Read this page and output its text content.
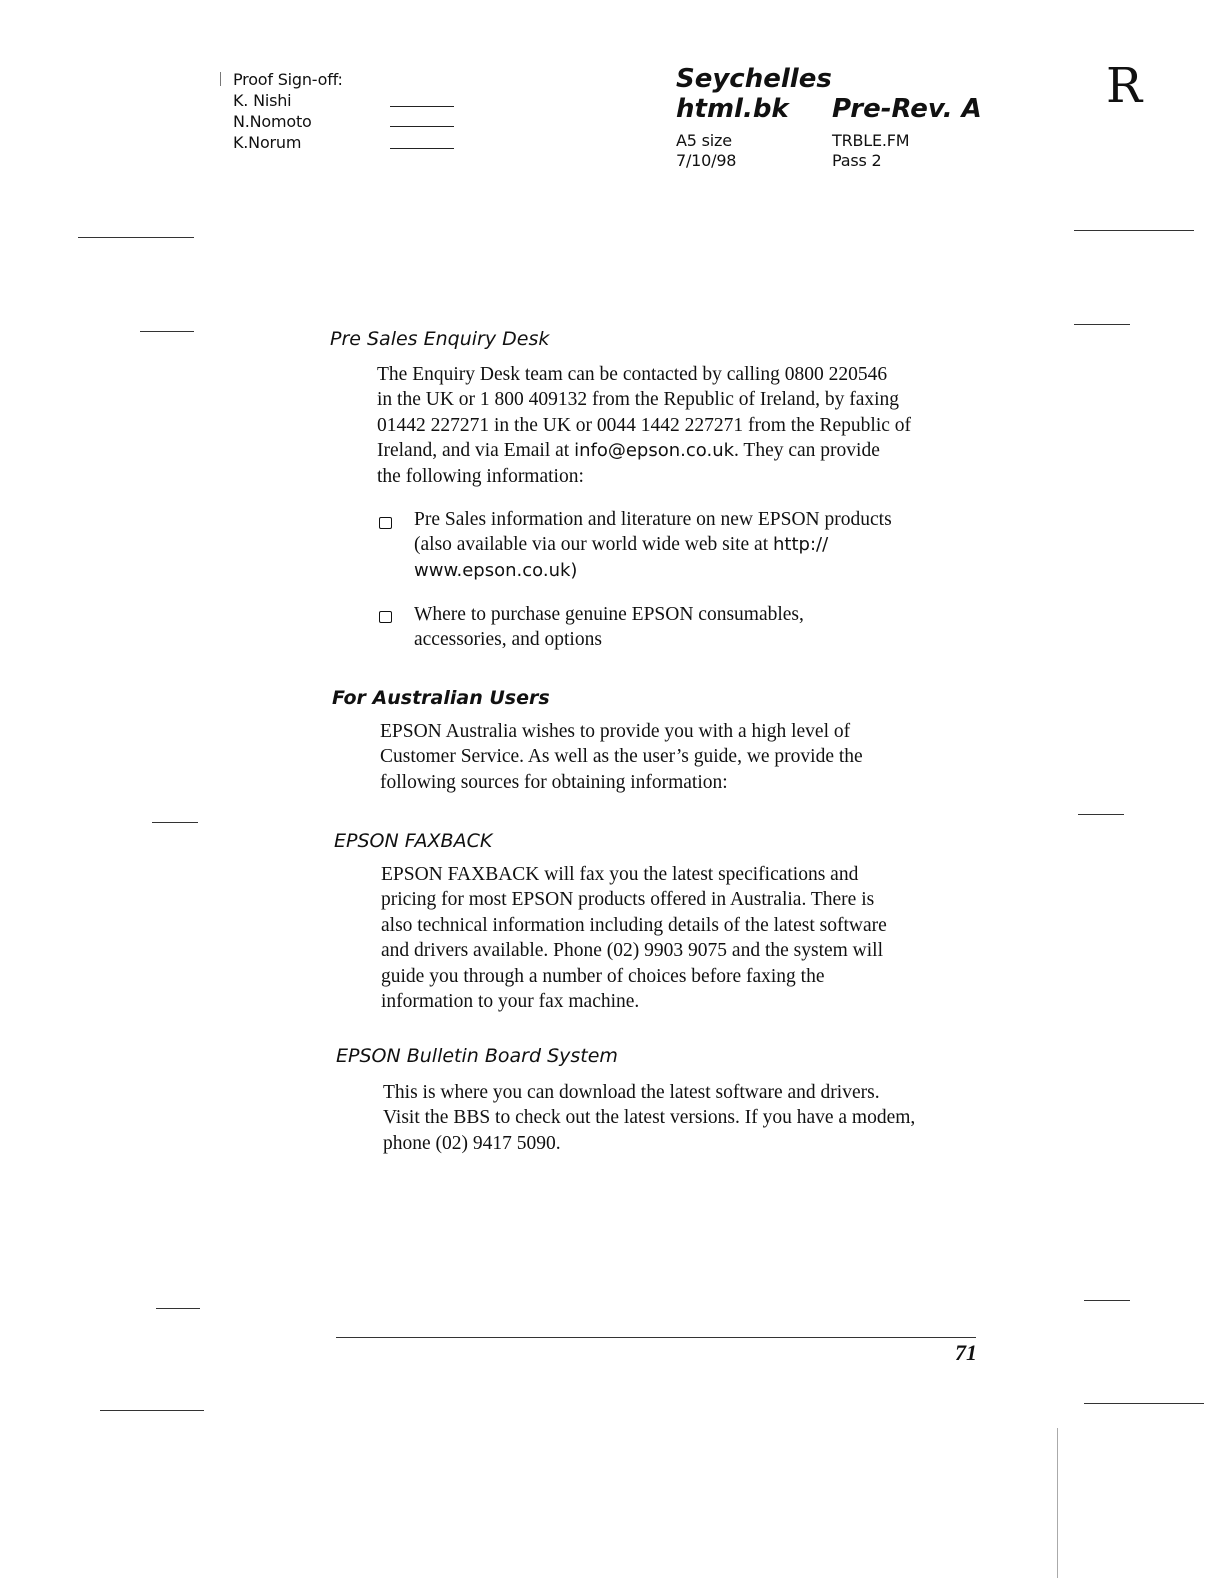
Proof Sign-off:
K. Nishi
N.Nomoto
K.Norum
Seychelles
html.bk Pre-Rev. A
A5 size
7/10/98
TRBLE.FM
Pass 2
R
Pre Sales Enquiry Desk
The Enquiry Desk team can be contacted by calling 0800 220546
in the UK or 1 800 409132 from the Republic of Ireland, by faxing
01442 227271 in the UK or 0044 1442 227271 from the Republic of
Ireland, and via Email at info@epson.co.uk. They can provide
the following information:
Pre Sales information and literature on new EPSON products
(also available via our world wide web site at http://
www.epson.co.uk)
Where to purchase genuine EPSON consumables,
accessories, and options
For Australian Users
EPSON Australia wishes to provide you with a high level of
Customer Service. As well as the user’s guide, we provide the
following sources for obtaining information:
EPSON FAXBACK
EPSON FAXBACK will fax you the latest specifications and
pricing for most EPSON products offered in Australia. There is
also technical information including details of the latest software
and drivers available. Phone (02) 9903 9075 and the system will
guide you through a number of choices before faxing the
information to your fax machine.
EPSON Bulletin Board System
This is where you can download the latest software and drivers.
Visit the BBS to check out the latest versions. If you have a modem,
phone (02) 9417 5090.
71
